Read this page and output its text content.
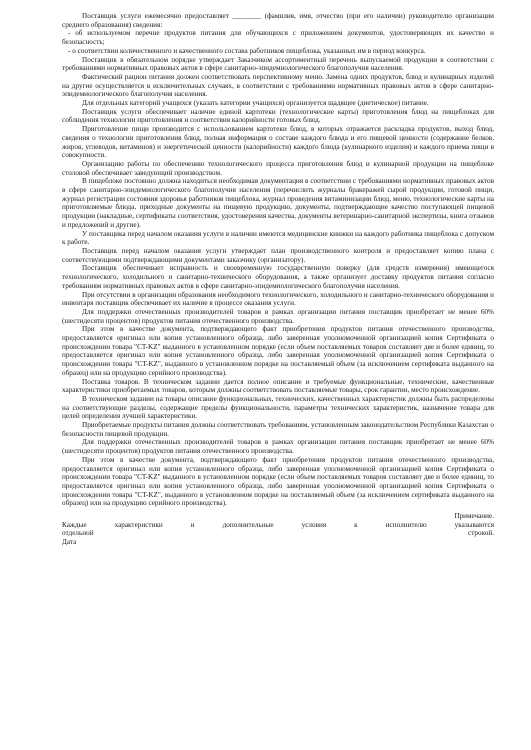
Поставщик услуги ежемесячно предоставляет ________ (фамилия, имя, отчество (при его наличии) руководителю организации среднего образования) сведения:

- об используемом перечне продуктов питания для обучающихся с приложением документов, удостоверяющих их качество и безопасность;

- о соответствии количественного и качественного состава работников пищеблока, указанных им в период конкурса.

Поставщик в обязательном порядке утверждает Заказчиком ассортиментный перечень выпускаемой продукции в соответствии с требованиями нормативных правовых актов в сфере санитарно-эпидемиологического благополучия населения.

Фактический рацион питания должен соответствовать перспективному меню. Замена одних продуктов, блюд и кулинарных изделий на другие осуществляется в исключительных случаях, в соответствии с требованиями нормативных правовых актов в сфере санитарно-эпидемиологического благополучия населения.

Для отдельных категорий учащихся (указать категории учащихся) организуется щадящее (диетическое) питание.

Поставщик услуги обеспечивает наличие единой картотеки (технологические карты) приготовления блюд на пищеблоках для соблюдения технологии приготовления и соответствия калорийности готовых блюд.

Приготовление пищи производится с использованием картотеки блюд, в которых отражается раскладка продуктов, выход блюд, сведения о технологии приготовления блюд, полная информация о составе каждого блюда и его пищевой ценности (содержание белков, жиров, углеводов, витаминов) и энергетической ценности (калорийности) каждого блюда (кулинарного изделия) и каждого приема пищи в совокупности.

Организацию работы по обеспечению технологического процесса приготовления блюд и кулинарной продукции на пищеблоке столовой обеспечивает заведующий производством.

В пищеблоке постоянно должна находиться необходимая документация в соответствии с требованиями нормативных правовых актов в сфере санитарно-эпидемиологического благополучия населения (перечислить журналы бракеражей сырой продукции, готовой пищи, журнал регистрации состояния здоровья работников пищеблока, журнал проведения витаминизации блюд, меню, технологические карты на приготовляемые блюда, приходные документы на пищевую продукцию, документы, подтверждающие качество поступающей пищевой продукции (накладные, сертификаты соответствия, удостоверения качества, документы ветеринарно-санитарной экспертизы, книга отзывов и предложений и другие).

У поставщика перед началом оказания услуги в наличии имеются медицинские книжки на каждого работника пищеблока с допуском к работе.

Поставщик перед началом оказания услуги утверждает план производственного контроля и предоставляет копию плана с соответствующими подтверждающими документами заказчику (организатору).

Поставщик обеспечивает исправность и своевременную государственную поверку (для средств измерения) имеющегося технологического, холодильного и санитарно-технического оборудования, а также организует доставку продуктов питания согласно требованиям нормативных правовых актов в сфере санитарно-эпидемиологического благополучия населения.

При отсутствии в организации образования необходимого технологического, холодильного и санитарно-технического оборудования и инвентаря поставщик обеспечивает их наличие в процессе оказания услуги.

Для поддержки отечественных производителей товаров в рамках организации питания поставщик приобретает не менее 60% (шестидесяти процентов) продуктов питания отечественного производства.

При этом в качестве документа, подтверждающего факт приобретения продуктов питания отечественного производства, предоставляется оригинал или копия установленного образца, либо заверенная уполномоченной организацией копия Сертификата о происхождении товара "CT-KZ" выданного в установленном порядке (если объем поставляемых товаров составляет две и более единиц, то предоставляется оригинал или копия установленного образца, либо заверенная уполномоченной организацией копия Сертификата о происхождении товара "CT-KZ", выданного в установленном порядке на поставляемый объем (за исключением сертификата выданного на образец) или на продукцию серийного производства).

Поставка товаров. В техническом задании дается полное описание и требуемые функциональные, технические, качественные характеристики приобретаемых товаров, которым должны соответствовать поставляемые товары, срок гарантии, место происхождение.

В техническом задании на товары описание функциональных, технических, качественных характеристик должны быть распределены на соответствующие разделы, содержащие пределы функциональности, параметры технических характеристик, назначение товара для целей определения лучшей характеристики.

Приобретаемые продукты питания должны соответствовать требованиям, установленным законодательством Республики Казахстан о безопасности пищевой продукции.

Для поддержки отечественных производителей товаров в рамках организации питания поставщик приобретает не менее 60% (шестидесяти процентов) продуктов питания отечественного производства.

При этом в качестве документа, подтверждающего факт приобретения продуктов питания отечественного производства, предоставляется оригинал или копия установленного образца, либо заверенная уполномоченной организацией копия Сертификата о происхождении товара "CT-KZ" выданного в установленном порядке (если объем поставляемых товаров составляет две и более единиц, то предоставляется оригинал или копия установленного образца, либо заверенная уполномоченной организацией копия Сертификата о происхождении товара "CT-KZ", выданного в установленном порядке на поставляемый объем (за исключением сертификата выданного на образец) или на продукцию серийного производства).

Примечание.

Каждые характеристики и дополнительные условия к исполнителю указываются

отдельной	строкой.

Дата
